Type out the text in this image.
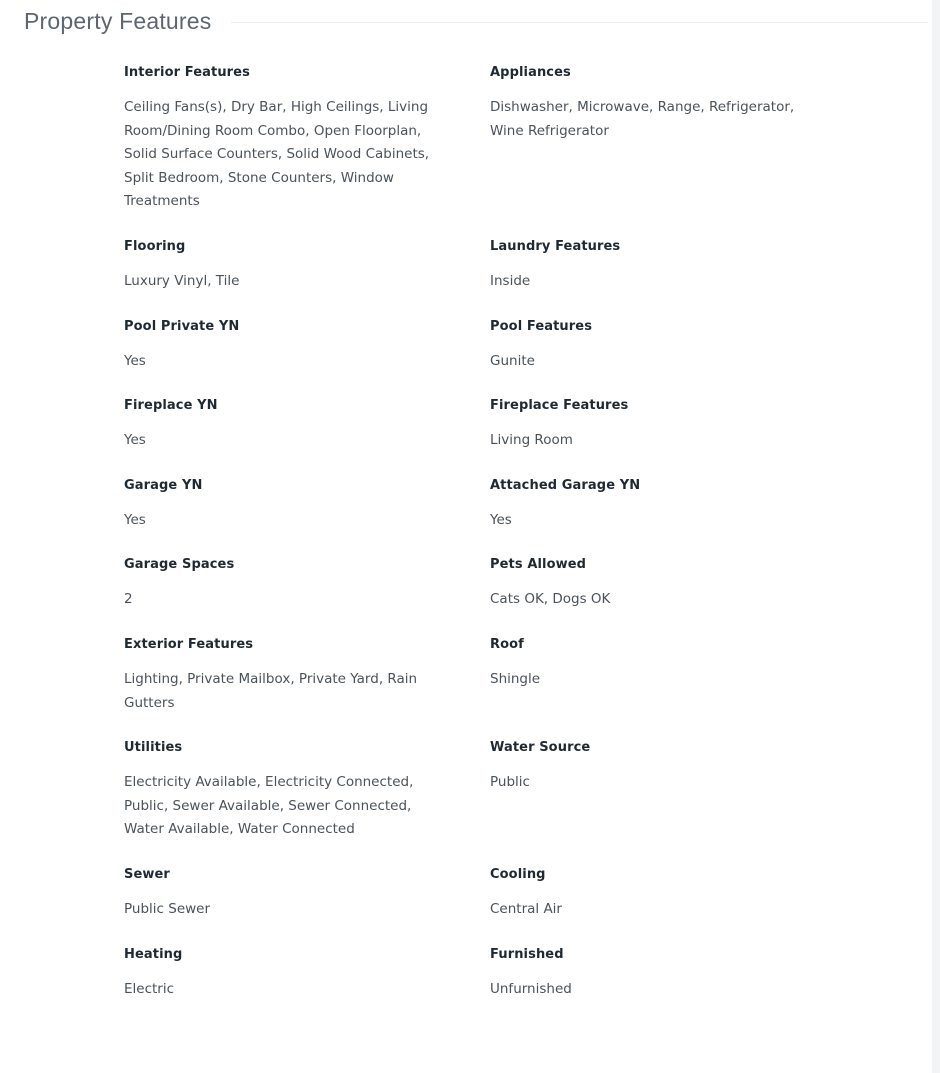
Property Features
Interior Features
Ceiling Fans(s), Dry Bar, High Ceilings, Living Room/Dining Room Combo, Open Floorplan, Solid Surface Counters, Solid Wood Cabinets, Split Bedroom, Stone Counters, Window Treatments
Appliances
Dishwasher, Microwave, Range, Refrigerator, Wine Refrigerator
Flooring
Luxury Vinyl, Tile
Laundry Features
Inside
Pool Private YN
Yes
Pool Features
Gunite
Fireplace YN
Yes
Fireplace Features
Living Room
Garage YN
Yes
Attached Garage YN
Yes
Garage Spaces
2
Pets Allowed
Cats OK, Dogs OK
Exterior Features
Lighting, Private Mailbox, Private Yard, Rain Gutters
Roof
Shingle
Utilities
Electricity Available, Electricity Connected, Public, Sewer Available, Sewer Connected, Water Available, Water Connected
Water Source
Public
Sewer
Public Sewer
Cooling
Central Air
Heating
Electric
Furnished
Unfurnished
